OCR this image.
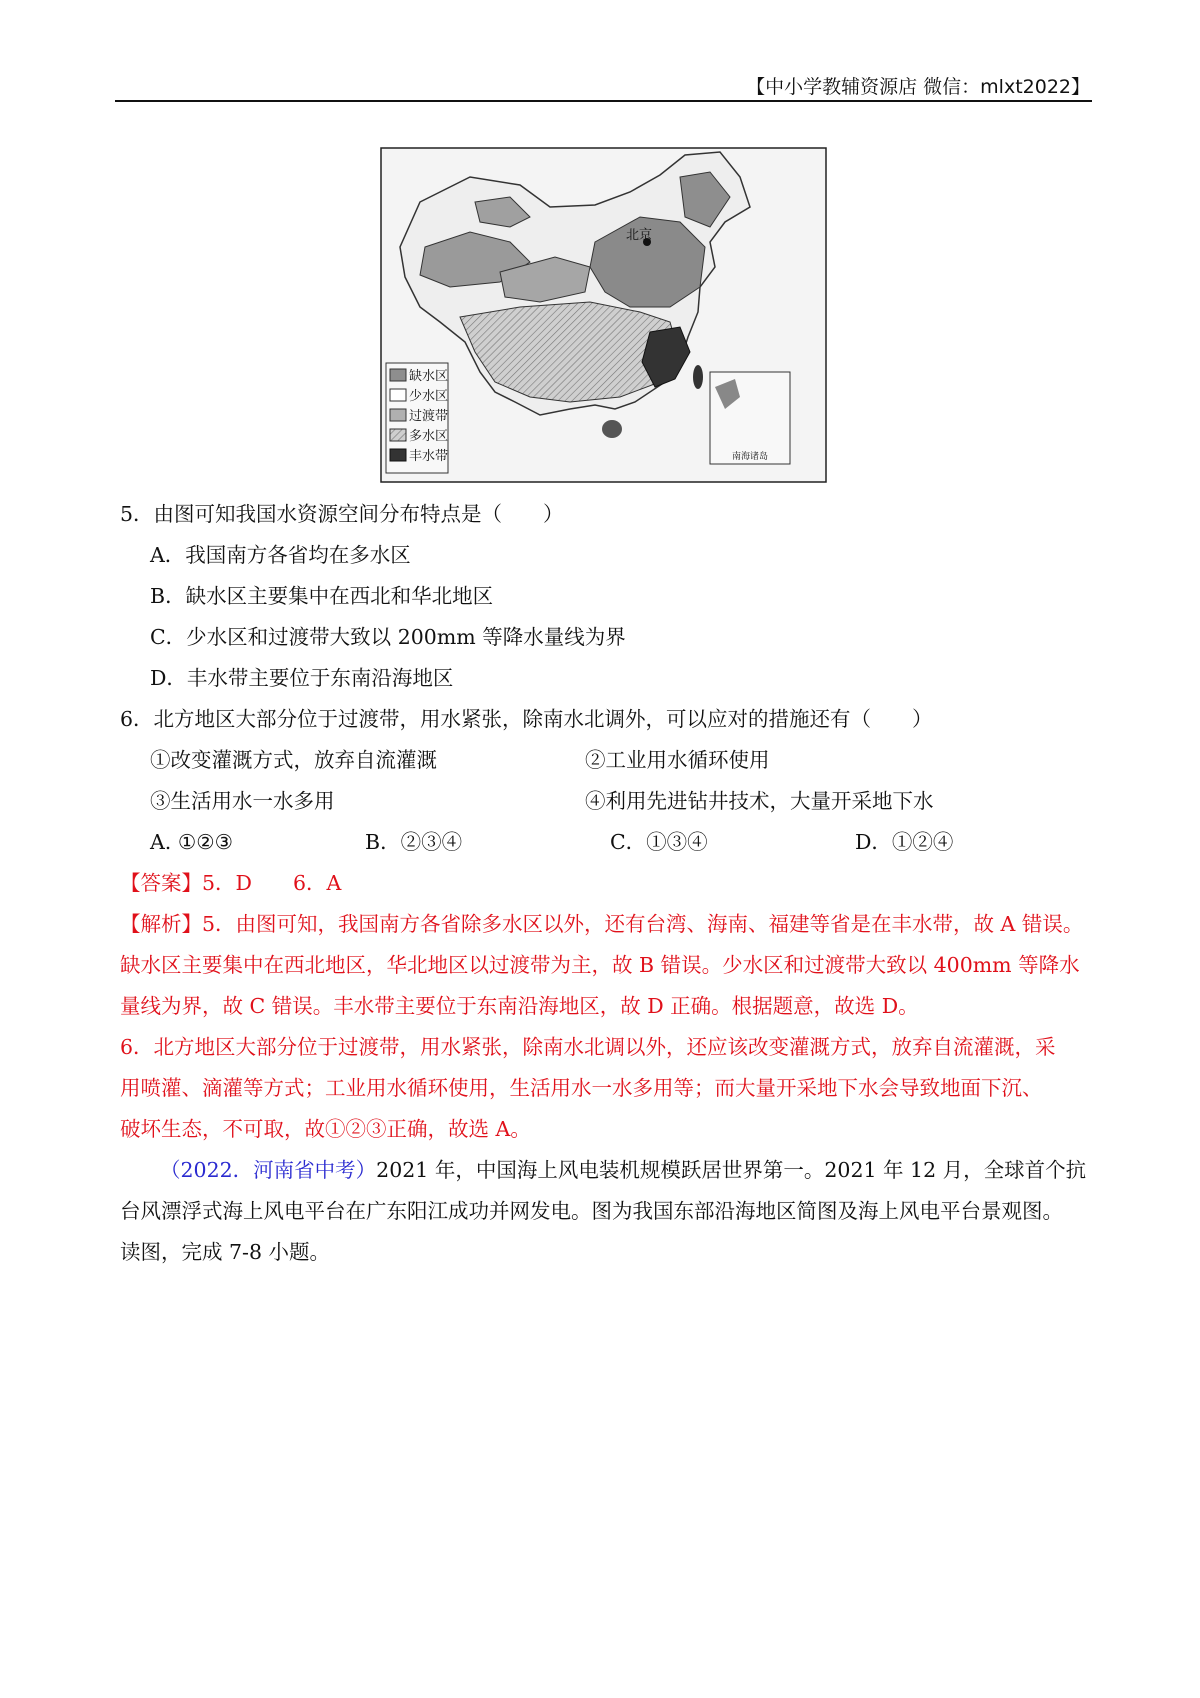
【中小学教辅资源店 微信：mlxt2022】
北京
南海诸岛
缺水区
少水区
过渡带
多水区
丰水带
5．由图可知我国水资源空间分布特点是（　　）
A．我国南方各省均在多水区
B．缺水区主要集中在西北和华北地区
C．少水区和过渡带大致以 200mm 等降水量线为界
D．丰水带主要位于东南沿海地区
6．北方地区大部分位于过渡带，用水紧张，除南水北调外，可以应对的措施还有（　　）
①改变灌溉方式，放弃自流灌溉	②工业用水循环使用
③生活用水一水多用	④利用先进钻井技术，大量开采地下水
A. ①②③	B．②③④	C．①③④	D．①②④
【答案】5．D　　6．A
【解析】5．由图可知，我国南方各省除多水区以外，还有台湾、海南、福建等省是在丰水带，故 A 错误。
缺水区主要集中在西北地区，华北地区以过渡带为主，故 B 错误。少水区和过渡带大致以 400mm 等降水
量线为界，故 C 错误。丰水带主要位于东南沿海地区，故 D 正确。根据题意，故选 D。
6．北方地区大部分位于过渡带，用水紧张，除南水北调以外，还应该改变灌溉方式，放弃自流灌溉，采
用喷灌、滴灌等方式；工业用水循环使用，生活用水一水多用等；而大量开采地下水会导致地面下沉、
破坏生态，不可取，故①②③正确，故选 A。
（2022．河南省中考）2021 年，中国海上风电装机规模跃居世界第一。2021 年 12 月，全球首个抗
台风漂浮式海上风电平台在广东阳江成功并网发电。图为我国东部沿海地区简图及海上风电平台景观图。
读图，完成 7-8 小题。
